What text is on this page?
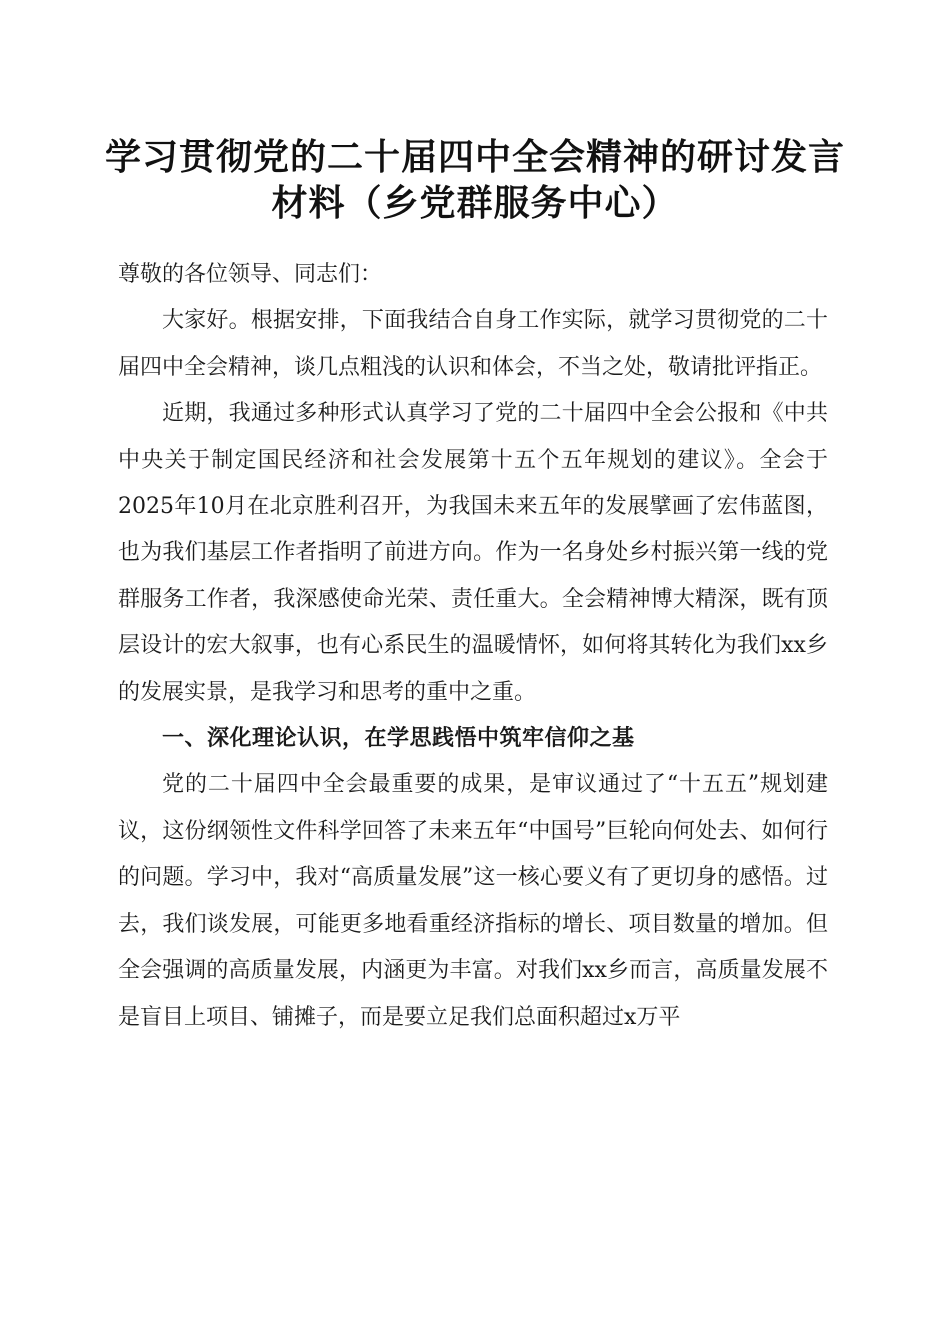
学习贯彻党的二十届四中全会精神的研讨发言
材料（乡党群服务中心）

尊敬的各位领导、同志们：

大家好。根据安排，下面我结合自身工作实际，就学习贯彻党的二十届四中全会精神，谈几点粗浅的认识和体会，不当之处，敬请批评指正。

近期，我通过多种形式认真学习了党的二十届四中全会公报和《中共中央关于制定国民经济和社会发展第十五个五年规划的建议》。全会于2025年10月在北京胜利召开，为我国未来五年的发展擘画了宏伟蓝图，也为我们基层工作者指明了前进方向。作为一名身处乡村振兴第一线的党群服务工作者，我深感使命光荣、责任重大。全会精神博大精深，既有顶层设计的宏大叙事，也有心系民生的温暖情怀，如何将其转化为我们xx乡的发展实景，是我学习和思考的重中之重。

一、深化理论认识，在学思践悟中筑牢信仰之基

党的二十届四中全会最重要的成果，是审议通过了“十五五”规划建议，这份纲领性文件科学回答了未来五年“中国号”巨轮向何处去、如何行的问题。学习中，我对“高质量发展”这一核心要义有了更切身的感悟。过去，我们谈发展，可能更多地看重经济指标的增长、项目数量的增加。但全会强调的高质量发展，内涵更为丰富。对我们xx乡而言，高质量发展不是盲目上项目、铺摊子，而是要立足我们总面积超过x万平
